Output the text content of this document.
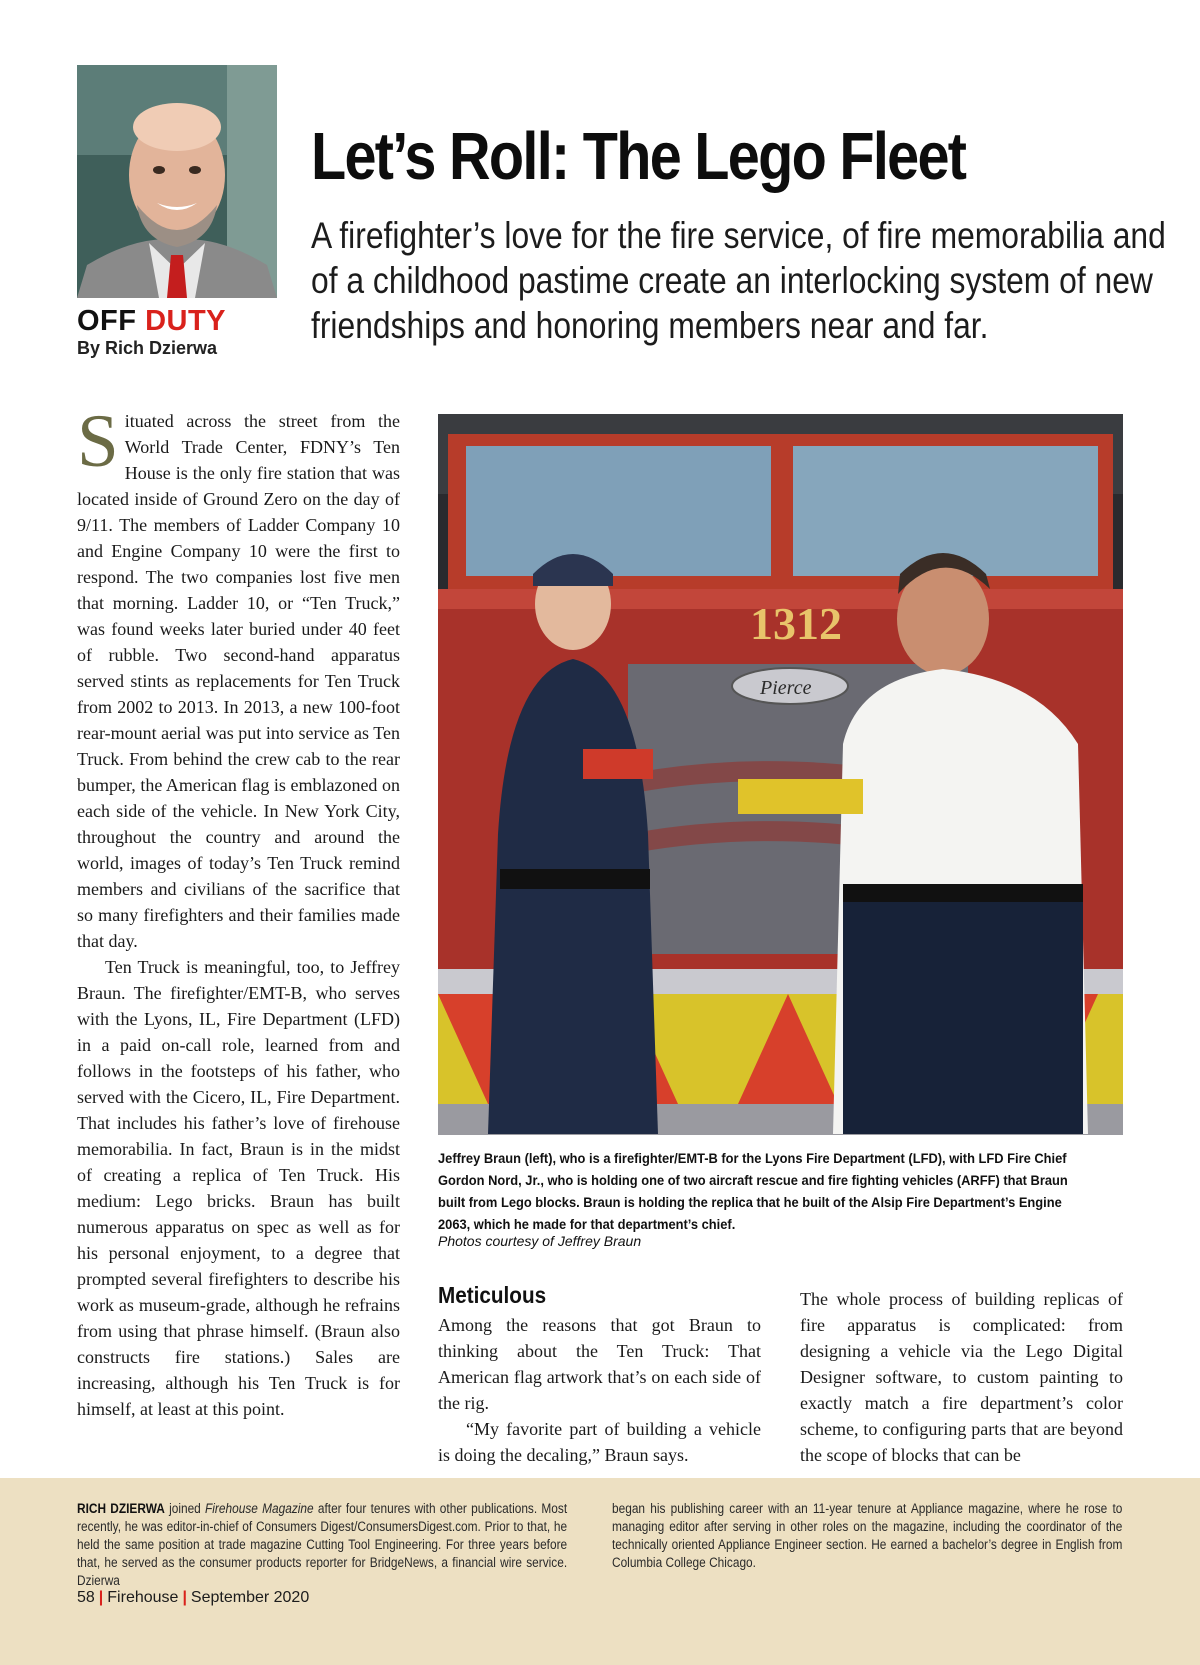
OFF DUTY
By Rich Dzierwa
Let’s Roll: The Lego Fleet
A firefighter’s love for the fire service, of fire memorabilia and of a childhood pastime create an interlocking system of new friendships and honoring members near and far.

Situated across the street from the World Trade Center, FDNY’s Ten House is the only fire station that was located inside of Ground Zero on the day of 9/11. The members of Ladder Company 10 and Engine Company 10 were the first to respond. The two companies lost five men that morning. Ladder 10, or “Ten Truck,” was found weeks later buried under 40 feet of rubble. Two second-hand apparatus served stints as replacements for Ten Truck from 2002 to 2013. In 2013, a new 100-foot rear-mount aerial was put into service as Ten Truck. From behind the crew cab to the rear bumper, the American flag is emblazoned on each side of the vehicle. In New York City, throughout the country and around the world, images of today’s Ten Truck remind members and civilians of the sacrifice that so many firefighters and their families made that day.

Ten Truck is meaningful, too, to Jeffrey Braun. The firefighter/EMT-B, who serves with the Lyons, IL, Fire Department (LFD) in a paid on-call role, learned from and follows in the footsteps of his father, who served with the Cicero, IL, Fire Department. That includes his father’s love of firehouse memorabilia. In fact, Braun is in the midst of creating a replica of Ten Truck. His medium: Lego bricks. Braun has built numerous apparatus on spec as well as for his personal enjoyment, to a degree that prompted several firefighters to describe his work as museum-grade, although he refrains from using that phrase himself. (Braun also constructs fire stations.) Sales are increasing, although his Ten Truck is for himself, at least at this point.

1312
Pierce
Jeffrey Braun (left), who is a firefighter/EMT-B for the Lyons Fire Department (LFD), with LFD Fire Chief Gordon Nord, Jr., who is holding one of two aircraft rescue and fire fighting vehicles (ARFF) that Braun built from Lego blocks. Braun is holding the replica that he built of the Alsip Fire Department’s Engine 2063, which he made for that department’s chief.
Photos courtesy of Jeffrey Braun
Meticulous

Among the reasons that got Braun to thinking about the Ten Truck: That American flag artwork that’s on each side of the rig.

“My favorite part of building a vehicle is doing the decaling,” Braun says.

The whole process of building replicas of fire apparatus is complicated: from designing a vehicle via the Lego Digital Designer software, to custom painting to exactly match a fire department’s color scheme, to configuring parts that are beyond the scope of blocks that can be

RICH DZIERWA joined Firehouse Magazine after four tenures with other publications. Most recently, he was editor-in-chief of Consumers Digest/ConsumersDigest.com. Prior to that, he held the same position at trade magazine Cutting Tool Engineering. For three years before that, he served as the consumer products reporter for BridgeNews, a financial wire service. Dzierwa
began his publishing career with an 11-year tenure at Appliance magazine, where he rose to managing editor after serving in other roles on the magazine, including the coordinator of the technically oriented Appliance Engineer section. He earned a bachelor’s degree in English from Columbia College Chicago.
58 | Firehouse | September 2020
